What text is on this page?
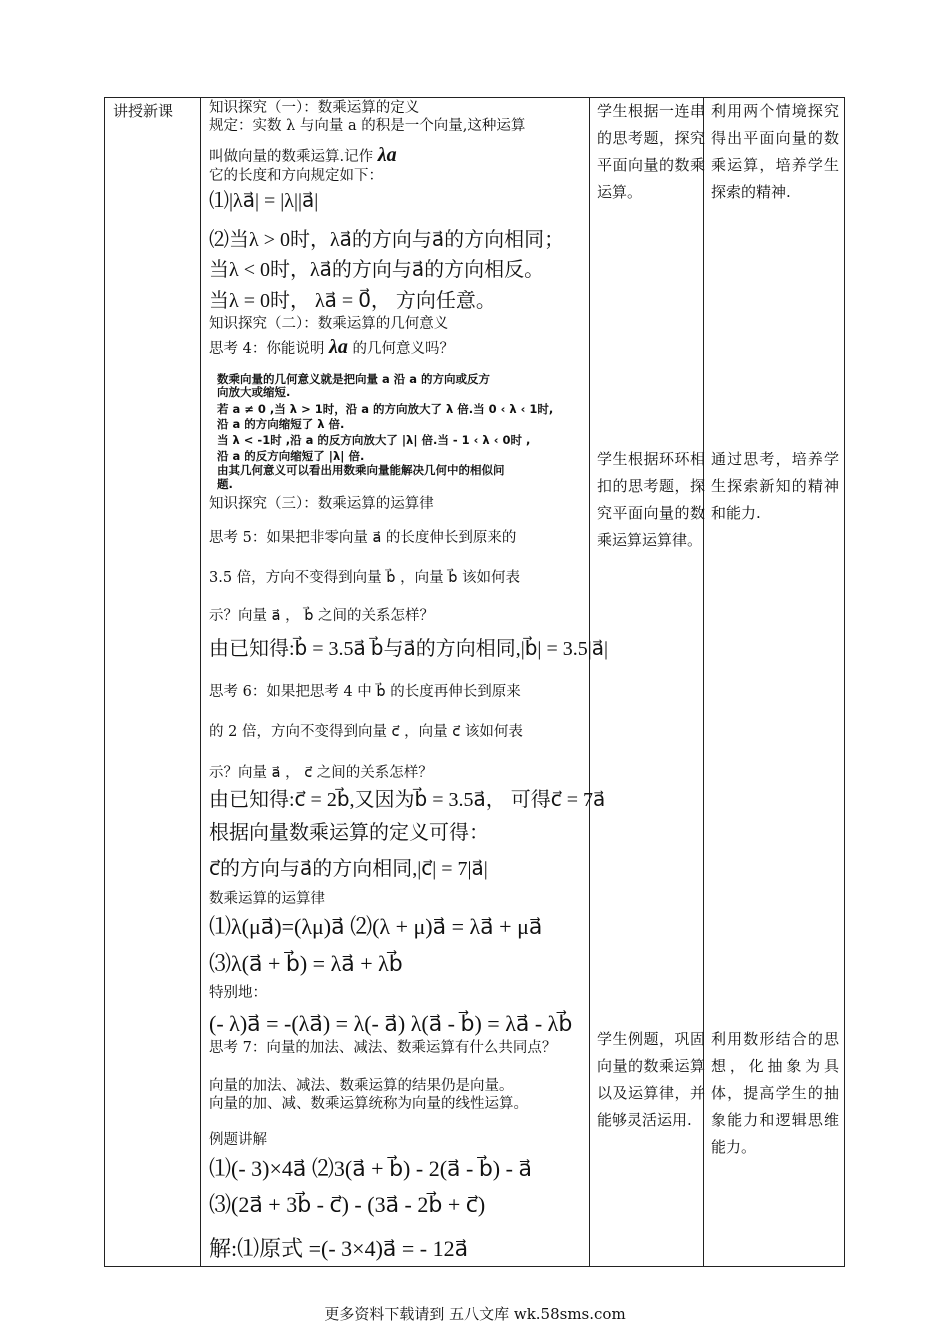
讲授新课	学生根据一连串的思考题，探究平面向量的数乘运算。
学生根据环环相扣的思考题，探究平面向量的数乘运算运算律。
学生例题，巩固向量的数乘运算以及运算律，并能够灵活运用.
利用两个情境探究得出平面向量的数乘运算，培养学生探索的精神.
通过思考，培养学生探索新知的精神和能力.
利用数形结合的思想，化抽象为具体，提高学生的抽象能力和逻辑思维能力。
知识探究（一）：数乘运算的定义
规定：实数 λ 与向量 a 的积是一个向量,这种运算
叫做向量的数乘运算.记作 λa
它的长度和方向规定如下：
⑴|λa⃗| = |λ||a⃗|
⑵当λ > 0时，λa⃗的方向与a⃗的方向相同；
当λ < 0时，λa⃗的方向与a⃗的方向相反。
当λ = 0时， λa⃗ = 0⃗， 方向任意。
知识探究（二）：数乘运算的几何意义
思考 4：你能说明 λa 的几何意义吗？
数乘向量的几何意义就是把向量 a 沿 a 的方向或反方
向放大或缩短.
若 a ≠ 0 ,当 λ > 1时，沿 a 的方向放大了 λ 倍.当 0 ‹ λ ‹ 1时,
沿 a 的方向缩短了 λ 倍.
当 λ < -1时 ,沿 a 的反方向放大了 |λ| 倍.当 - 1 ‹ λ ‹ 0时 ,
沿 a 的反方向缩短了 |λ| 倍.
由其几何意义可以看出用数乘向量能解决几何中的相似问
题.
知识探究（三）：数乘运算的运算律
思考 5：如果把非零向量 a⃗ 的长度伸长到原来的
3.5 倍，方向不变得到向量 b⃗ ，向量 b⃗ 该如何表
示？向量 a⃗ ， b⃗ 之间的关系怎样？
由已知得:b⃗ = 3.5a⃗ b⃗与a⃗的方向相同,|b⃗| = 3.5|a⃗|
思考 6：如果把思考 4 中 b⃗ 的长度再伸长到原来
的 2 倍，方向不变得到向量 c⃗ ，向量 c⃗ 该如何表
示？向量 a⃗ ， c⃗ 之间的关系怎样？
由已知得:c⃗ = 2b⃗,又因为b⃗ = 3.5a⃗， 可得c⃗ = 7a⃗
根据向量数乘运算的定义可得：
c⃗的方向与a⃗的方向相同,|c⃗| = 7|a⃗|
数乘运算的运算律
⑴λ(μa⃗)=(λμ)a⃗ ⑵(λ + μ)a⃗ = λa⃗ + μa⃗
⑶λ(a⃗ + b⃗) = λa⃗ + λb⃗
特别地：
(- λ)a⃗ = -(λa⃗) = λ(- a⃗) λ(a⃗ - b⃗) = λa⃗ - λb⃗
思考 7：向量的加法、减法、数乘运算有什么共同点？
向量的加法、减法、数乘运算的结果仍是向量。
向量的加、减、数乘运算统称为向量的线性运算。
例题讲解
⑴(- 3)×4a⃗ ⑵3(a⃗ + b⃗) - 2(a⃗ - b⃗) - a⃗
⑶(2a⃗ + 3b⃗ - c⃗) - (3a⃗ - 2b⃗ + c⃗)
解:⑴原式 =(- 3×4)a⃗ = - 12a⃗
更多资料下载请到 五八文库 wk.58sms.com
